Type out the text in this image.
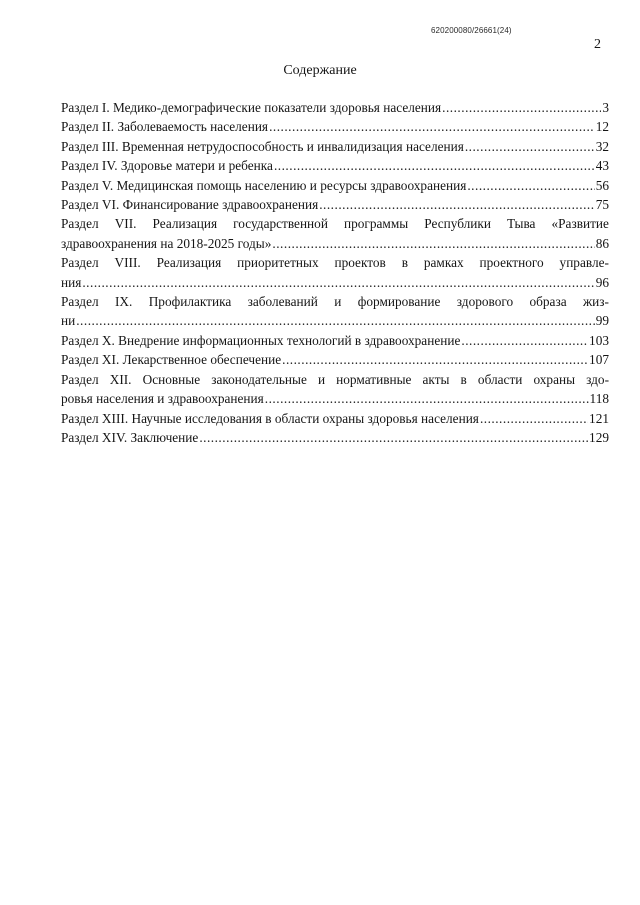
620200080/26661(24)
2
Содержание
Раздел I. Медико-демографические показатели здоровья населения .....	3
Раздел II. Заболеваемость населения .....	12
Раздел III. Временная нетрудоспособность и инвалидизация населения .....	32
Раздел IV. Здоровье матери и ребенка .....	43
Раздел V. Медицинская помощь населению и ресурсы здравоохранения .....	56
Раздел VI. Финансирование здравоохранения .....	75
Раздел VII. Реализация государственной программы Республики Тыва «Развитие
здравоохранения на 2018-2025 годы» .....	86
Раздел VIII. Реализация приоритетных проектов в рамках проектного управле-
ния .....	96
Раздел IX. Профилактика заболеваний и формирование здорового образа жиз-
ни .....	99
Раздел X. Внедрение информационных технологий в здравоохранение .....	103
Раздел XI. Лекарственное обеспечение .....	107
Раздел XII. Основные законодательные и нормативные акты в области охраны здо-
ровья населения и здравоохранения .....	118
Раздел XIII. Научные исследования в области охраны здоровья населения .....	121
Раздел XIV. Заключение .....	129
